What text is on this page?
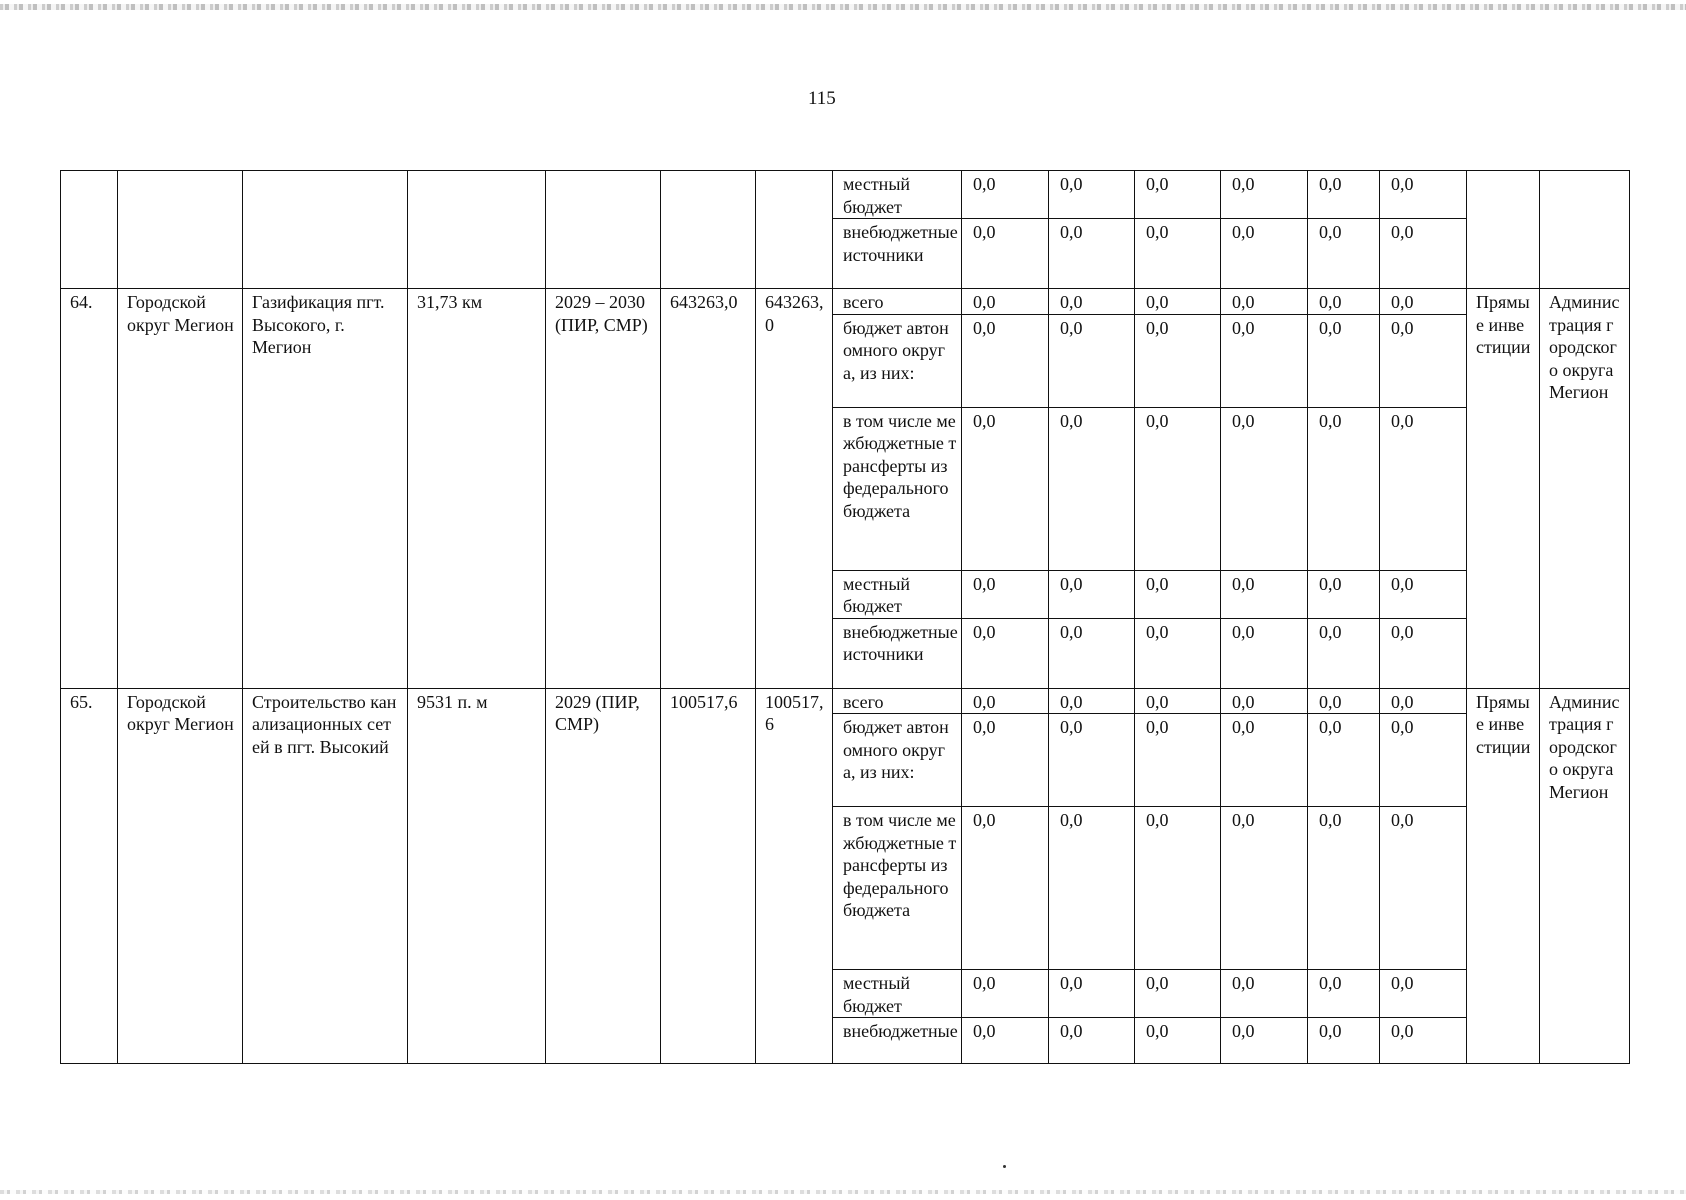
115
							местный бюджет	0,0	0,0	0,0	0,0	0,0	0,0		
							внебюджетные источники	0,0	0,0	0,0	0,0	0,0	0,0		
64.	Городской округ Мегион	Газификация пгт. Высокого, г. Мегион	31,73 км	2029 – 2030 (ПИР, СМР)	643263,0	643263,0	всего	0,0	0,0	0,0	0,0	0,0	0,0	Прямые инвестиции	Администрация городского округа Мегион
							бюджет автономного округа, из них:	0,0	0,0	0,0	0,0	0,0	0,0		
							в том числе межбюджетные трансферты из федерального бюджета	0,0	0,0	0,0	0,0	0,0	0,0		
							местный бюджет	0,0	0,0	0,0	0,0	0,0	0,0		
							внебюджетные источники	0,0	0,0	0,0	0,0	0,0	0,0		
65.	Городской округ Мегион	Строительство канализационных сетей в пгт. Высокий	9531 п. м	2029 (ПИР, СМР)	100517,6	100517,6	всего	0,0	0,0	0,0	0,0	0,0	0,0	Прямые инвестиции	Администрация городского округа Мегион
							бюджет автономного округа, из них:	0,0	0,0	0,0	0,0	0,0	0,0		
							в том числе межбюджетные трансферты из федерального бюджета	0,0	0,0	0,0	0,0	0,0	0,0		
							местный бюджет	0,0	0,0	0,0	0,0	0,0	0,0		
							внебюджетные	0,0	0,0	0,0	0,0	0,0	0,0		
